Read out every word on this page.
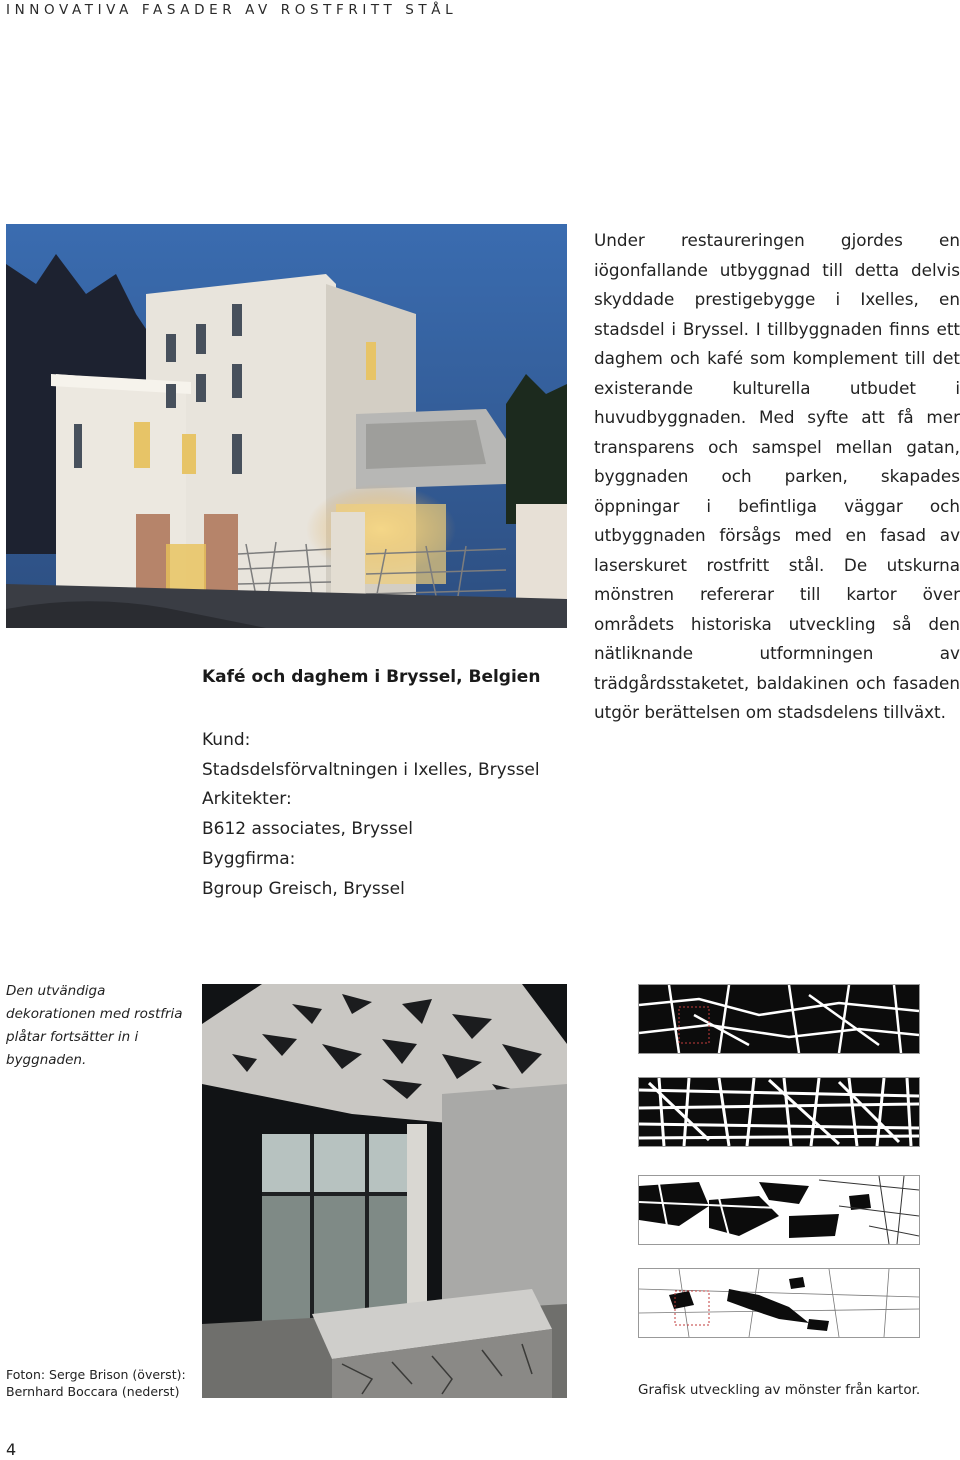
INNOVATIVA FASADER AV ROSTFRITT STÅL

Under restaureringen gjordes en iögonfallande utbyggnad till detta delvis skyddade prestigebygge i Ixelles, en stadsdel i Bryssel. I tillbyggnaden finns ett daghem och kafé som komplement till det existerande kulturella utbudet i huvudbyggnaden. Med syfte att få mer transparens och samspel mellan gatan, byggnaden och parken, skapades öppningar i befintliga väggar och utbyggnaden försågs med en fasad av laserskuret rostfritt stål. De utskurna mönstren refererar till kartor över områdets historiska utveckling så den nätliknande utformningen av trädgårdsstaketet, baldakinen och fasaden utgör berättelsen om stadsdelens tillväxt.

Kafé och daghem i Bryssel, Belgien

Kund:
Stadsdelsförvaltningen i Ixelles, Bryssel
Arkitekter:
B612 associates, Bryssel
Byggfirma:
Bgroup Greisch, Bryssel

Den utvändiga dekorationen med rostfria plåtar fortsätter in i byggnaden.

Foton: Serge Brison (överst):
Bernhard Boccara (nederst)	Grafisk utveckling av mönster från kartor.

4
